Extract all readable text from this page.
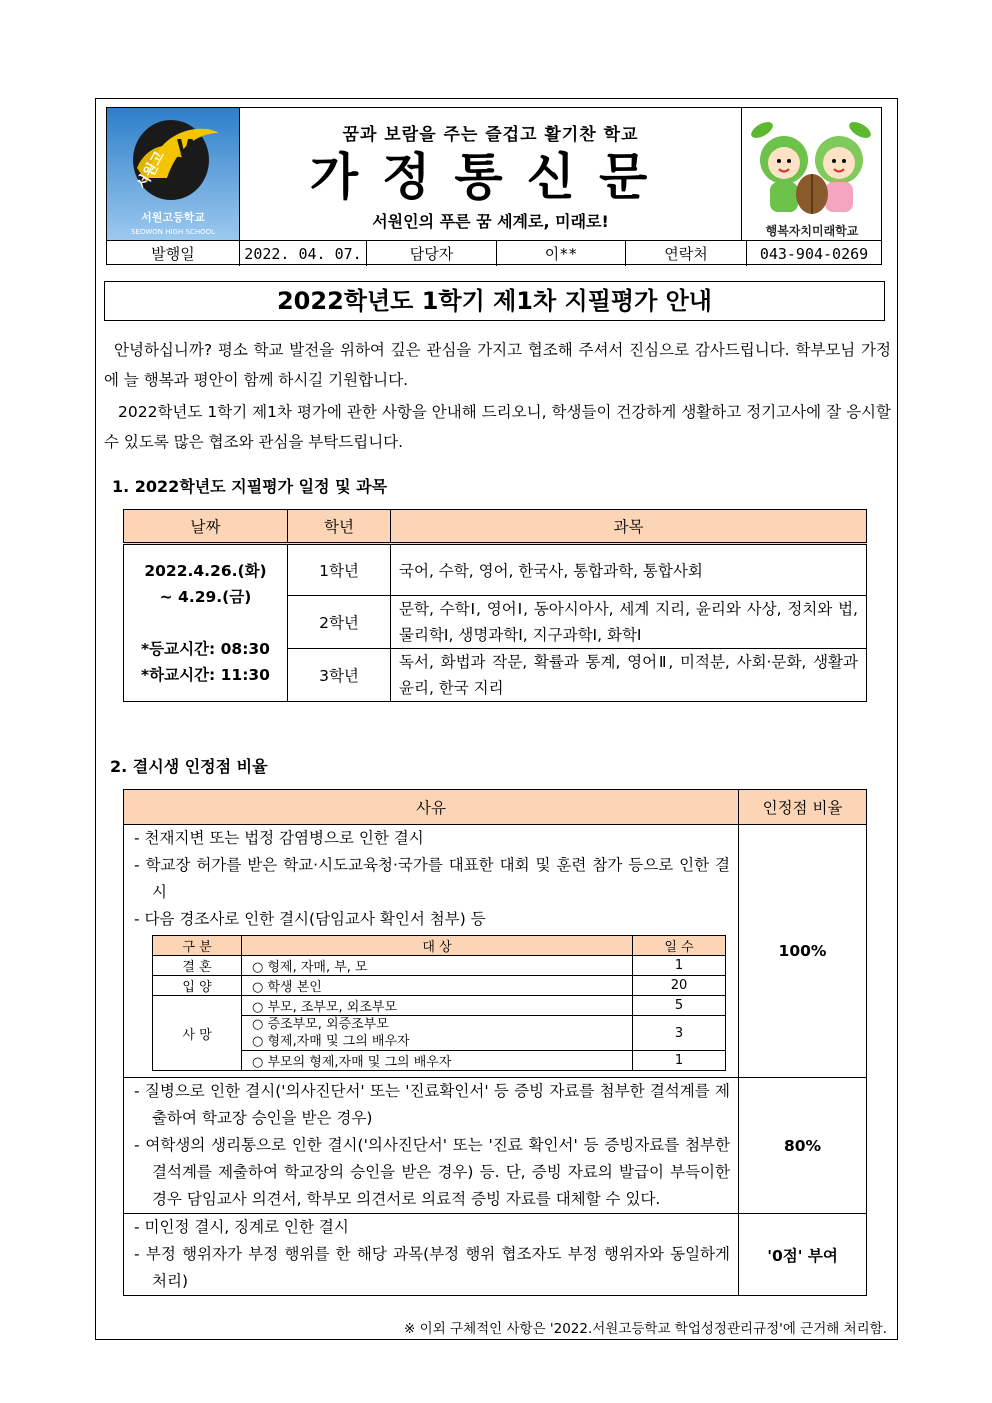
W
서원고
서원고등학교
SEOWON HIGH SCHOOL
꿈과 보람을 주는 즐겁고 활기찬 학교
가정통신문
서원인의 푸른 꿈 세계로, 미래로!	행복자치미래학교
발행일	2022. 04. 07.	담당자	이**	연락처	043-904-0269
2022학년도 1학기 제1차 지필평가 안내
안녕하십니까? 평소 학교 발전을 위하여 깊은 관심을 가지고 협조해 주셔서 진심으로 감사드립니다. 학부모님 가정에 늘 행복과 평안이 함께 하시길 기원합니다.
2022학년도 1학기 제1차 평가에 관한 사항을 안내해 드리오니, 학생들이 건강하게 생활하고 정기고사에 잘 응시할 수 있도록 많은 협조와 관심을 부탁드립니다.
1. 2022학년도 지필평가 일정 및 과목
날짜	학년	과목

2022.4.26.(화)
~ 4.29.(금)
*등교시간: 08:30
*하교시간: 11:30	1학년	국어, 수학, 영어, 한국사, 통합과학, 통합사회
	2학년	문학, 수학Ⅰ, 영어Ⅰ, 동아시아사, 세계 지리, 윤리와 사상, 정치와 법, 물리학Ⅰ, 생명과학Ⅰ, 지구과학Ⅰ, 화학Ⅰ
	3학년	독서, 화법과 작문, 확률과 통계, 영어Ⅱ, 미적분, 사회·문화, 생활과 윤리, 한국 지리
2. 결시생 인정점 비율
사유	인정점 비율

- 천재지변 또는 법정 감염병으로 인한 결시
- 학교장 허가를 받은 학교·시도교육청·국가를 대표한 대회 및 훈련 참가 등으로 인한 결시
- 다음 경조사로 인한 결시(담임교사 확인서 첨부) 등
구 분	대 상	일 수
결 혼	○ 형제, 자매, 부, 모	1
입 양	○ 학생 본인	20
사 망	○ 부모, 조부모, 외조부모	5

○ 증조부모, 외증조부모
○ 형제,자매 및 그의 배우자
	3
○ 부모의 형제,자매 및 그의 배우자	1
	100%

- 질병으로 인한 결시('의사진단서' 또는 '진료확인서' 등 증빙 자료를 첨부한 결석계를 제출하여 학교장 승인을 받은 경우)
- 여학생의 생리통으로 인한 결시('의사진단서' 또는 '진료 확인서' 등 증빙자료를 첨부한 결석계를 제출하여 학교장의 승인을 받은 경우) 등. 단, 증빙 자료의 발급이 부득이한 경우 담임교사 의견서, 학부모 의견서로 의료적 증빙 자료를 대체할 수 있다.
	80%

- 미인정 결시, 징계로 인한 결시
- 부정 행위자가 부정 행위를 한 해당 과목(부정 행위 협조자도 부정 행위자와 동일하게 처리)
	'0점' 부여
※ 이외 구체적인 사항은 '2022.서원고등학교 학업성정관리규정'에 근거해 처리함.
